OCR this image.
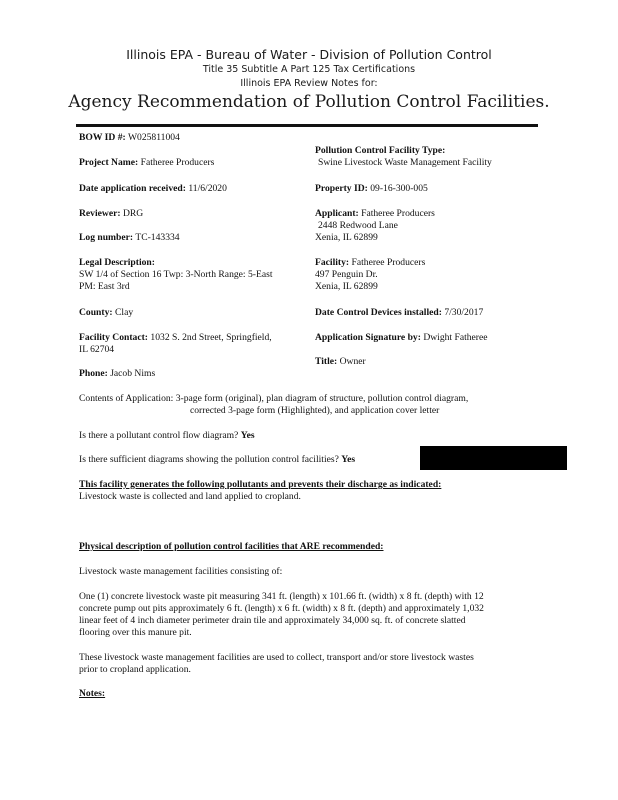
Illinois EPA - Bureau of Water - Division of Pollution Control
Title 35 Subtitle A Part 125 Tax Certifications
Illinois EPA Review Notes for:
Agency Recommendation of Pollution Control Facilities.
BOW ID #: W025811004
Project Name: Fatheree Producers
Date application received: 11/6/2020
Reviewer: DRG
Log number: TC-143334
Legal Description:
SW 1/4 of Section 16 Twp: 3-North Range: 5-East
PM: East 3rd
County: Clay
Facility Contact: 1032 S. 2nd Street, Springfield,
IL 62704
Phone: Jacob Nims
Pollution Control Facility Type:
Swine Livestock Waste Management Facility
Property ID: 09-16-300-005
Applicant: Fatheree Producers
2448 Redwood Lane
Xenia, IL 62899
Facility: Fatheree Producers
497 Penguin Dr.
Xenia, IL 62899
Date Control Devices installed: 7/30/2017
Application Signature by: Dwight Fatheree
Title: Owner
Contents of Application: 3-page form (original), plan diagram of structure, pollution control diagram,
corrected 3-page form (Highlighted), and application cover letter
Is there a pollutant control flow diagram? Yes
Is there sufficient diagrams showing the pollution control facilities? Yes
This facility generates the following pollutants and prevents their discharge as indicated:
Livestock waste is collected and land applied to cropland.
Physical description of pollution control facilities that ARE recommended:
Livestock waste management facilities consisting of:
One (1) concrete livestock waste pit measuring 341 ft. (length) x 101.66 ft. (width) x 8 ft. (depth) with 12
concrete pump out pits approximately 6 ft. (length) x 6 ft. (width) x 8 ft. (depth) and approximately 1,032
linear feet of 4 inch diameter perimeter drain tile and approximately 34,000 sq. ft. of concrete slatted
flooring over this manure pit.
These livestock waste management facilities are used to collect, transport and/or store livestock wastes
prior to cropland application.
Notes:
